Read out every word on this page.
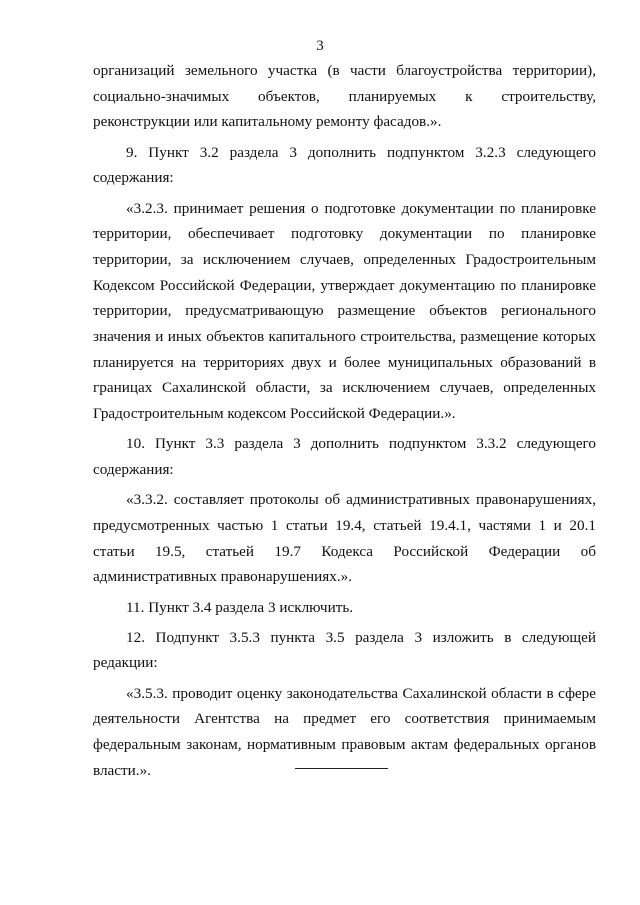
3

организаций земельного участка (в части благоустройства территории), социально-значимых объектов, планируемых к строительству, реконструкции или капитальному ремонту фасадов.».

9. Пункт 3.2 раздела 3 дополнить подпунктом 3.2.3 следующего содержания:

«3.2.3. принимает решения о подготовке документации по планировке территории, обеспечивает подготовку документации по планировке территории, за исключением случаев, определенных Градостроительным Кодексом Российской Федерации, утверждает документацию по планировке территории, предусматривающую размещение объектов регионального значения и иных объектов капитального строительства, размещение которых планируется на территориях двух и более муниципальных образований в границах Сахалинской области, за исключением случаев, определенных Градостроительным кодексом Российской Федерации.».

10. Пункт 3.3 раздела 3 дополнить подпунктом 3.3.2 следующего содержания:

«3.3.2. составляет протоколы об административных правонарушениях, предусмотренных частью 1 статьи 19.4, статьей 19.4.1, частями 1 и 20.1 статьи 19.5, статьей 19.7 Кодекса Российской Федерации об административных правонарушениях.».

11. Пункт 3.4 раздела 3 исключить.

12. Подпункт 3.5.3 пункта 3.5 раздела 3 изложить в следующей редакции:

«3.5.3. проводит оценку законодательства Сахалинской области в сфере деятельности Агентства на предмет его соответствия принимаемым федеральным законам, нормативным правовым актам федеральных органов власти.».
